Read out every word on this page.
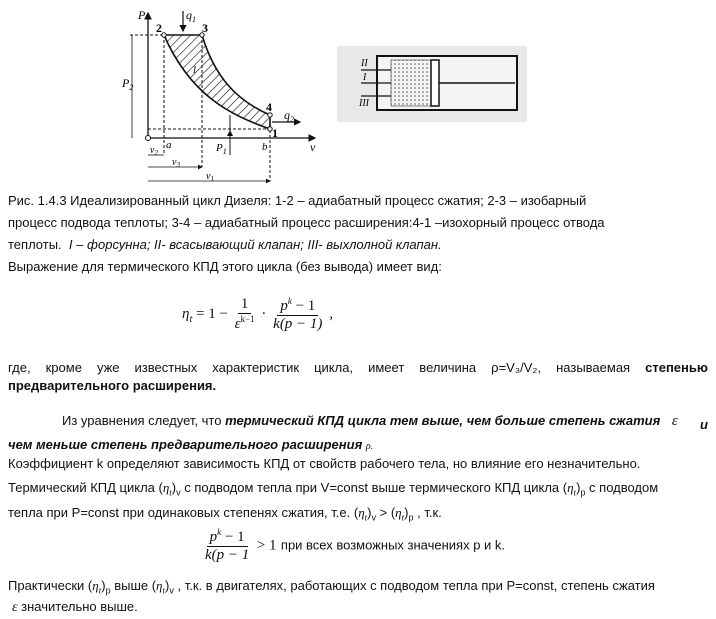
P
v
2	3
4
1
$q_1$
$q_2$
$P_2$
$P_1$
l
a	b
$v_2$
$v_3$
$v_1$
II
I
III
Рис. 1.4.3 Идеализированный цикл Дизеля: 1-2 – адиабатный процесс сжатия; 2-3 – изобарный
процесс подвода теплоты; 3-4 – адиабатный процесс расширения:4-1 –изохорный процесс отвода
теплоты. I – форсунна; II- всасывающий клапан; III- выхлолной клапан.
Выражение для термического КПД этого цикла (без вывода) имеет вид:
$\eta_t = 1 - \frac{1}{\varepsilon^{k-1}} \cdot \frac{p^k - 1}{k(p - 1)}$ ,
где, кроме уже известных характеристик цикла, имеет величина ρ=V₃/V₂, называемая степенью
предварительного расширения.
Из уравнения следует, что термический КПД цикла тем выше, чем больше степень сжатия ε и
чем меньше степень предварительного расширения ρ.
Коэффициент k определяют зависимость КПД от свойств рабочего тела, но влияние его незначительно.
Термический КПД цикла $(\eta_t)_v$ с подводом тепла при V=const выше термического КПД цикла $(\eta_t)_p$ с подводом
тепла при P=const при одинаковых степенях сжатия, т.е. $(\eta_t)_v > (\eta_t)_p$ , т.к.
$\frac{p^k - 1}{k(p - 1} > 1$ при всех возможных значениях p и k.
Практически $(\eta_t)_p$ выше $(\eta_t)_v$ , т.к. в двигателях, работающих с подводом тепла при P=const, степень сжатия
ε значительно выше.
